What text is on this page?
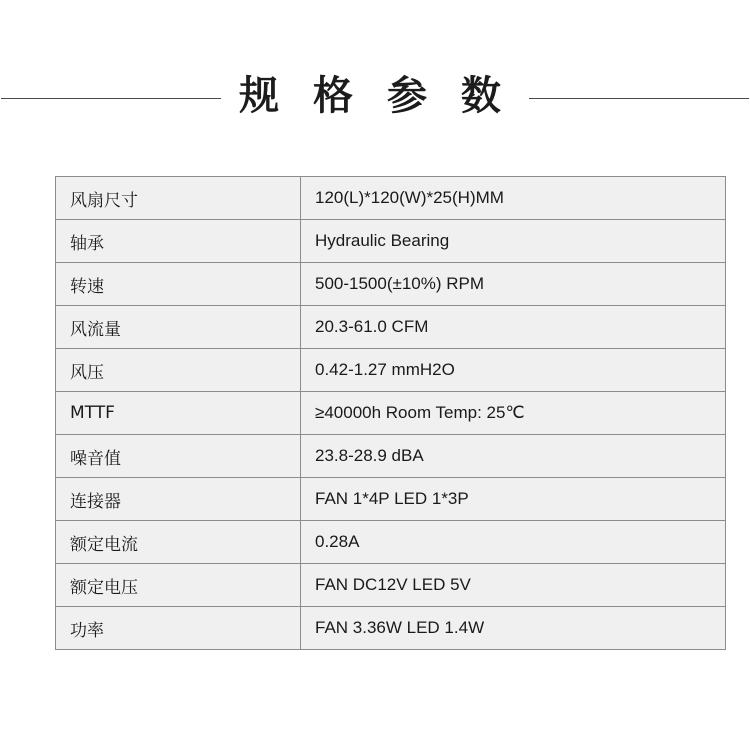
规 格 参 数
风扇尺寸	120(L)*120(W)*25(H)MM
轴承	Hydraulic Bearing
转速	500-1500(±10%) RPM
风流量	20.3-61.0 CFM
风压	0.42-1.27 mmH2O
MTTF	≥40000h Room Temp: 25℃
噪音值	23.8-28.9 dBA
连接器	FAN 1*4P LED 1*3P
额定电流	0.28A
额定电压	FAN DC12V LED 5V
功率	FAN 3.36W LED 1.4W
